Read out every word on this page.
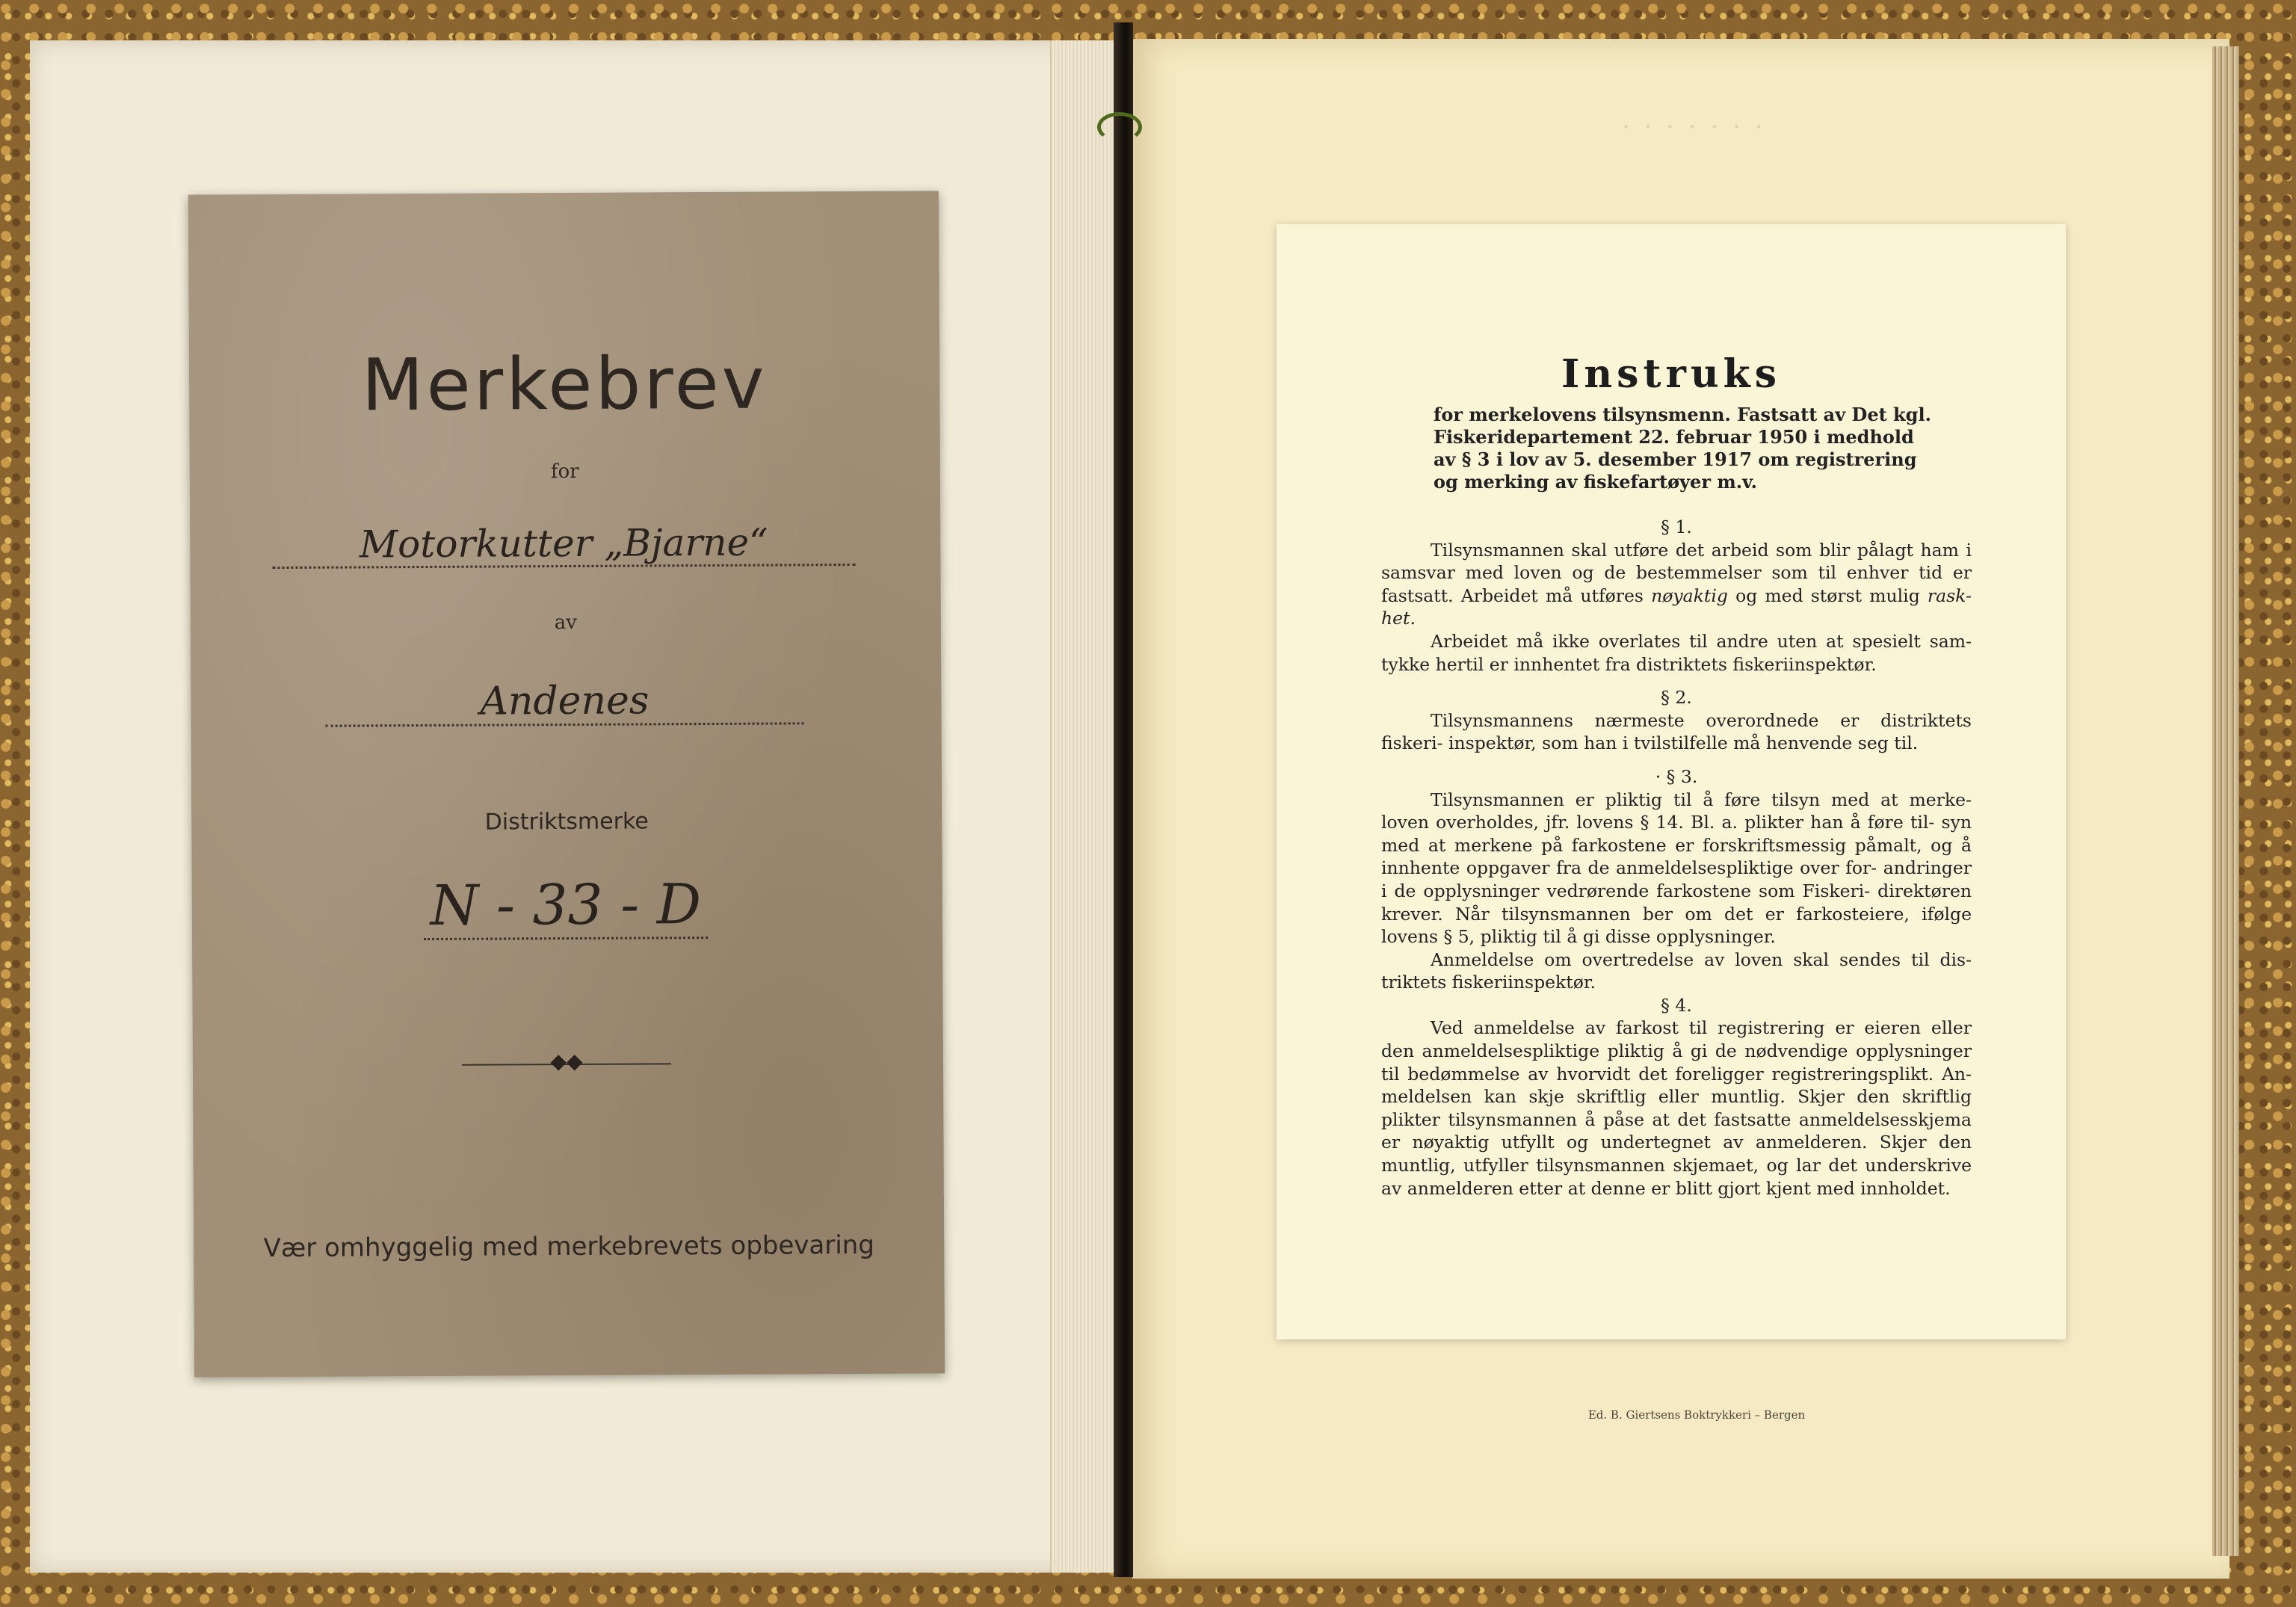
Merkebrev
for
Motorkutter „Bjarne“
av
Andenes
Distriktsmerke
N - 33 - D
◆◆
Vær omhyggelig med merkebrevets opbevaring
· · · · · · ·
Instruks
for merkelovens tilsynsmenn. Fastsatt av Det kgl. Fiskeridepartement 22. februar 1950 i medhold av § 3 i lov av 5. desember 1917 om registrering og merking av fiskefartøyer m.v.
§ 1.
Tilsynsmannen skal utføre det arbeid som blir pålagt ham i samsvar med loven og de bestemmelser som til enhver tid er fastsatt. Arbeidet må utføres nøyaktig og med størst mulig rask- het.
Arbeidet må ikke overlates til andre uten at spesielt sam- tykke hertil er innhentet fra distriktets fiskeriinspektør.
§ 2.
Tilsynsmannens nærmeste overordnede er distriktets fiskeri- inspektør, som han i tvilstilfelle må henvende seg til.
· § 3.
Tilsynsmannen er pliktig til å føre tilsyn med at merke- loven overholdes, jfr. lovens § 14. Bl. a. plikter han å føre til- syn med at merkene på farkostene er forskriftsmessig påmalt, og å innhente oppgaver fra de anmeldelsespliktige over for- andringer i de opplysninger vedrørende farkostene som Fiskeri- direktøren krever. Når tilsynsmannen ber om det er farkosteiere, ifølge lovens § 5, pliktig til å gi disse opplysninger.
Anmeldelse om overtredelse av loven skal sendes til dis- triktets fiskeriinspektør.
§ 4.
Ved anmeldelse av farkost til registrering er eieren eller den anmeldelsespliktige pliktig å gi de nødvendige opplysninger til bedømmelse av hvorvidt det foreligger registreringsplikt. An- meldelsen kan skje skriftlig eller muntlig. Skjer den skriftlig plikter tilsynsmannen å påse at det fastsatte anmeldelsesskjema er nøyaktig utfyllt og undertegnet av anmelderen. Skjer den muntlig, utfyller tilsynsmannen skjemaet, og lar det underskrive av anmelderen etter at denne er blitt gjort kjent med innholdet.
Ed. B. Giertsens Boktrykkeri – Bergen
